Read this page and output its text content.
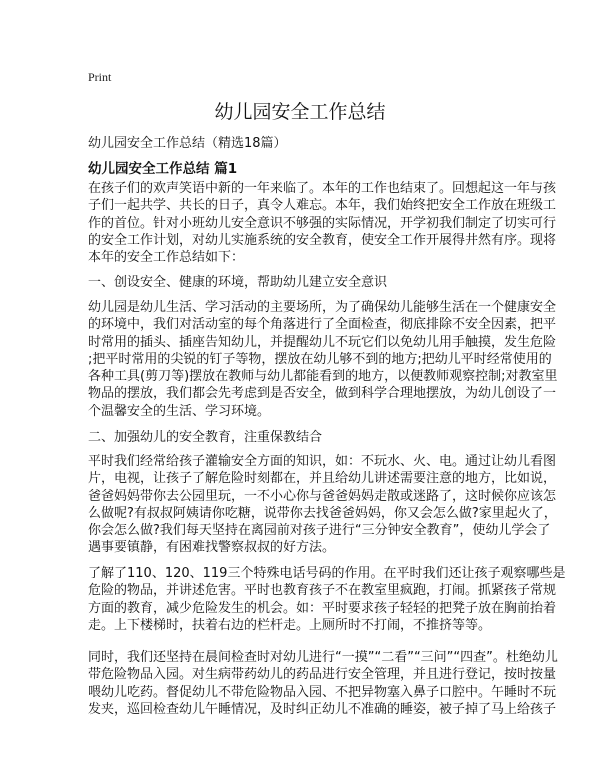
Print
幼儿园安全工作总结
幼儿园安全工作总结（精选18篇）
幼儿园安全工作总结 篇1
在孩子们的欢声笑语中新的一年来临了。本年的工作也结束了。回想起这一年与孩
子们一起共学、共长的日子，真令人难忘。本年，我们始终把安全工作放在班级工
作的首位。针对小班幼儿安全意识不够强的实际情况，开学初我们制定了切实可行
的安全工作计划，对幼儿实施系统的安全教育，使安全工作开展得井然有序。现将
本年的安全工作总结如下：
一、创设安全、健康的环境，帮助幼儿建立安全意识
幼儿园是幼儿生活、学习活动的主要场所，为了确保幼儿能够生活在一个健康安全
的环境中，我们对活动室的每个角落进行了全面检查，彻底排除不安全因素，把平
时常用的插头、插座告知幼儿，并提醒幼儿不玩它们以免幼儿用手触摸，发生危险
;把平时常用的尖锐的钉子等物，摆放在幼儿够不到的地方;把幼儿平时经常使用的
各种工具(剪刀等)摆放在教师与幼儿都能看到的地方，以便教师观察控制;对教室里
物品的摆放，我们都会先考虑到是否安全，做到科学合理地摆放，为幼儿创设了一
个温馨安全的生活、学习环境。
二、加强幼儿的安全教育，注重保教结合
平时我们经常给孩子灌输安全方面的知识，如：不玩水、火、电。通过让幼儿看图
片，电视，让孩子了解危险时刻都在，并且给幼儿讲述需要注意的地方，比如说，
爸爸妈妈带你去公园里玩，一不小心你与爸爸妈妈走散或迷路了，这时候你应该怎
么做呢?有叔叔阿姨请你吃糖，说带你去找爸爸妈妈，你又会怎么做?家里起火了，
你会怎么做?我们每天坚持在离园前对孩子进行“三分钟安全教育”，使幼儿学会了
遇事要镇静，有困难找警察叔叔的好方法。
了解了110、120、119三个特殊电话号码的作用。在平时我们还让孩子观察哪些是
危险的物品，并讲述危害。平时也教育孩子不在教室里疯跑，打闹。抓紧孩子常规
方面的教育，减少危险发生的机会。如：平时要求孩子轻轻的把凳子放在胸前抬着
走。上下楼梯时，扶着右边的栏杆走。上厕所时不打闹，不推挤等等。
同时，我们还坚持在晨间检查时对幼儿进行“一摸”“二看”“三问”“四查”。杜绝幼儿
带危险物品入园。对生病带药幼儿的药品进行安全管理，并且进行登记，按时按量
喂幼儿吃药。督促幼儿不带危险物品入园、不把异物塞入鼻子口腔中。午睡时不玩
发夹，巡回检查幼儿午睡情况，及时纠正幼儿不准确的睡姿，被子掉了马上给孩子
